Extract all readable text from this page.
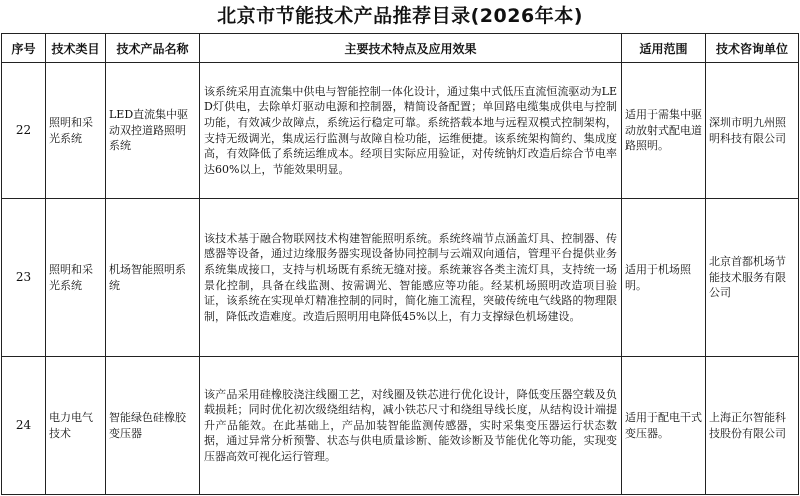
北京市节能技术产品推荐目录(2026年本)
序号	技术类目	技术产品名称	主要技术特点及应用效果	适用范围	技术咨询单位
22	照明和采光系统	LED直流集中驱动双控道路照明系统	该系统采用直流集中供电与智能控制一体化设计，通过集中式低压直流恒流驱动为LED灯供电，去除单灯驱动电源和控制器，精简设备配置；单回路电缆集成供电与控制功能，有效减少故障点，系统运行稳定可靠。系统搭载本地与远程双模式控制架构，支持无级调光，集成运行监测与故障自检功能，运维便捷。该系统架构简约、集成度高，有效降低了系统运维成本。经项目实际应用验证，对传统钠灯改造后综合节电率达60%以上，节能效果明显。	适用于需集中驱动放射式配电道路照明。	深圳市明九州照明科技有限公司
23	照明和采光系统	机场智能照明系统	该技术基于融合物联网技术构建智能照明系统。系统终端节点涵盖灯具、控制器、传感器等设备，通过边缘服务器实现设备协同控制与云端双向通信，管理平台提供业务系统集成接口，支持与机场既有系统无缝对接。系统兼容各类主流灯具，支持统一场景化控制，具备在线监测、按需调光、智能感应等功能。经某机场照明改造项目验证，该系统在实现单灯精准控制的同时，简化施工流程，突破传统电气线路的物理限制，降低改造难度。改造后照明用电降低45%以上，有力支撑绿色机场建设。	适用于机场照明。	北京首都机场节能技术服务有限公司
24	电力电气技术	智能绿色硅橡胶变压器	该产品采用硅橡胶浇注线圈工艺，对线圈及铁芯进行优化设计，降低变压器空载及负载损耗；同时优化初次级绕组结构，减小铁芯尺寸和绕组导线长度，从结构设计端提升产品能效。在此基础上，产品加装智能监测传感器，实时采集变压器运行状态数据，通过异常分析预警、状态与供电质量诊断、能效诊断及节能优化等功能，实现变压器高效可视化运行管理。	适用于配电干式变压器。	上海正尔智能科技股份有限公司
